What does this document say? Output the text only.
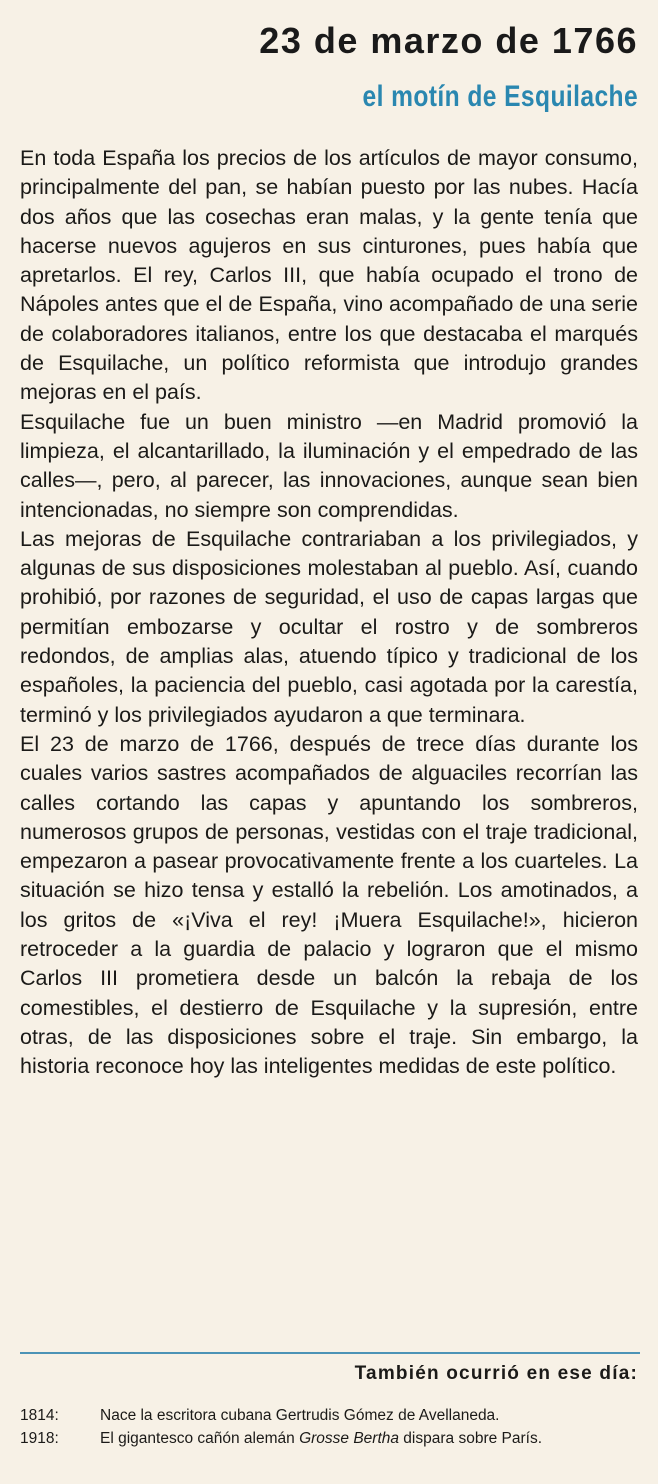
23 de marzo de 1766
el motín de Esquilache

En toda España los precios de los artículos de mayor consumo, principalmente del pan, se habían puesto por las nubes. Hacía dos años que las cosechas eran malas, y la gente tenía que hacerse nuevos agujeros en sus cinturones, pues había que apretarlos. El rey, Carlos III, que había ocupado el trono de Nápoles antes que el de España, vino acompañado de una serie de colaboradores italianos, entre los que destacaba el marqués de Esquilache, un político reformista que introdujo grandes mejoras en el país.

Esquilache fue un buen ministro —en Madrid promovió la limpieza, el alcantarillado, la iluminación y el empedrado de las calles—, pero, al parecer, las innovaciones, aunque sean bien intencionadas, no siempre son comprendidas.

Las mejoras de Esquilache contrariaban a los privilegiados, y algunas de sus disposiciones molestaban al pueblo. Así, cuando prohibió, por razones de seguridad, el uso de capas largas que permitían embozarse y ocultar el rostro y de sombreros redondos, de amplias alas, atuendo típico y tradicional de los españoles, la paciencia del pueblo, casi agotada por la carestía, terminó y los privilegiados ayudaron a que terminara.

El 23 de marzo de 1766, después de trece días durante los cuales varios sastres acompañados de alguaciles recorrían las calles cortando las capas y apuntando los sombreros, numerosos grupos de personas, vestidas con el traje tradicional, empezaron a pasear provocativamente frente a los cuarteles. La situación se hizo tensa y estalló la rebelión. Los amotinados, a los gritos de «¡Viva el rey! ¡Muera Esquilache!», hicieron retroceder a la guardia de palacio y lograron que el mismo Carlos III prometiera desde un balcón la rebaja de los comestibles, el destierro de Esquilache y la supresión, entre otras, de las disposiciones sobre el traje. Sin embargo, la historia reconoce hoy las inteligentes medidas de este político.

También ocurrió en ese día:
1814:	Nace la escritora cubana Gertrudis Gómez de Avellaneda.
1918:	El gigantesco cañón alemán Grosse Bertha dispara sobre París.
